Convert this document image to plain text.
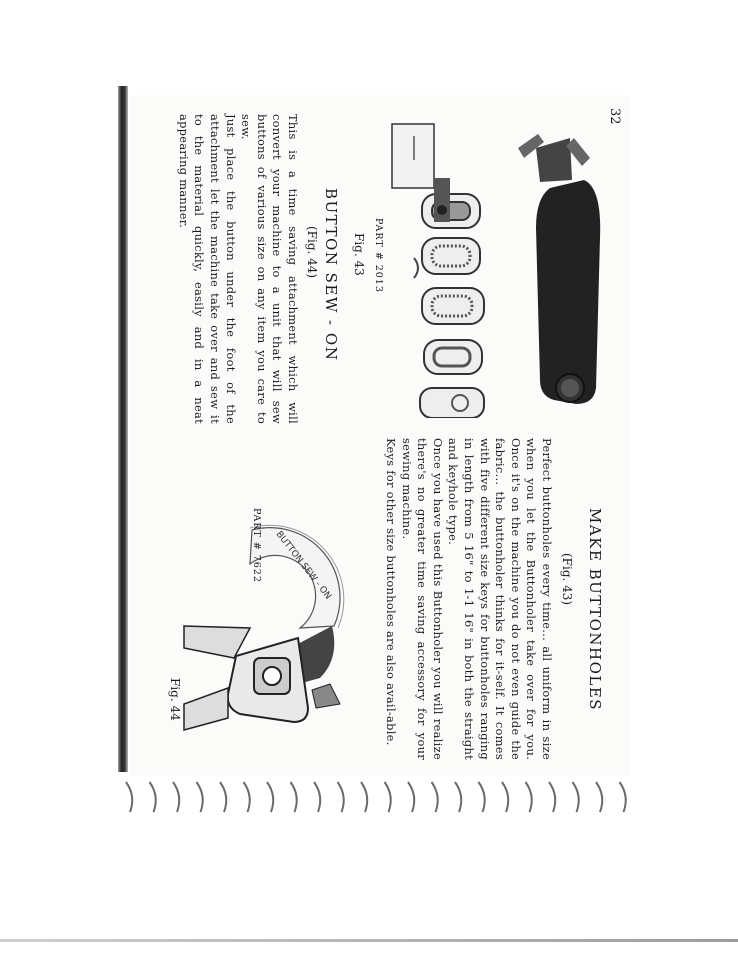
32
MAKE BUTTONHOLES
(Fig. 43)

Perfect buttonholes every time... all uniform in size when you let the Buttonholer take over for you. Once it's on the machine you do not even guide the fabric... the buttonholer thinks for it-self. It comes with five different size keys for buttonholes ranging in length from 5 16" to 1-1 16" in both the straight and keyhole type.

Once you have used this Buttonholer you will realize there's no greater time saving accessory for your sewing machine.

Keys for other size buttonholes are also avail-able.

PART # 2013
Fig. 43
BUTTON SEW - ON
(Fig. 44)

This is a time saving attachment which will convert your machine to a unit that will sew buttons of various size on any item you care to sew.

Just place the button under the foot of the attachment let the machine take over and sew it to the material quickly, easily and in a neat appearing manner.

BUTTON SEW - ON
PART # 7622
Fig. 44
